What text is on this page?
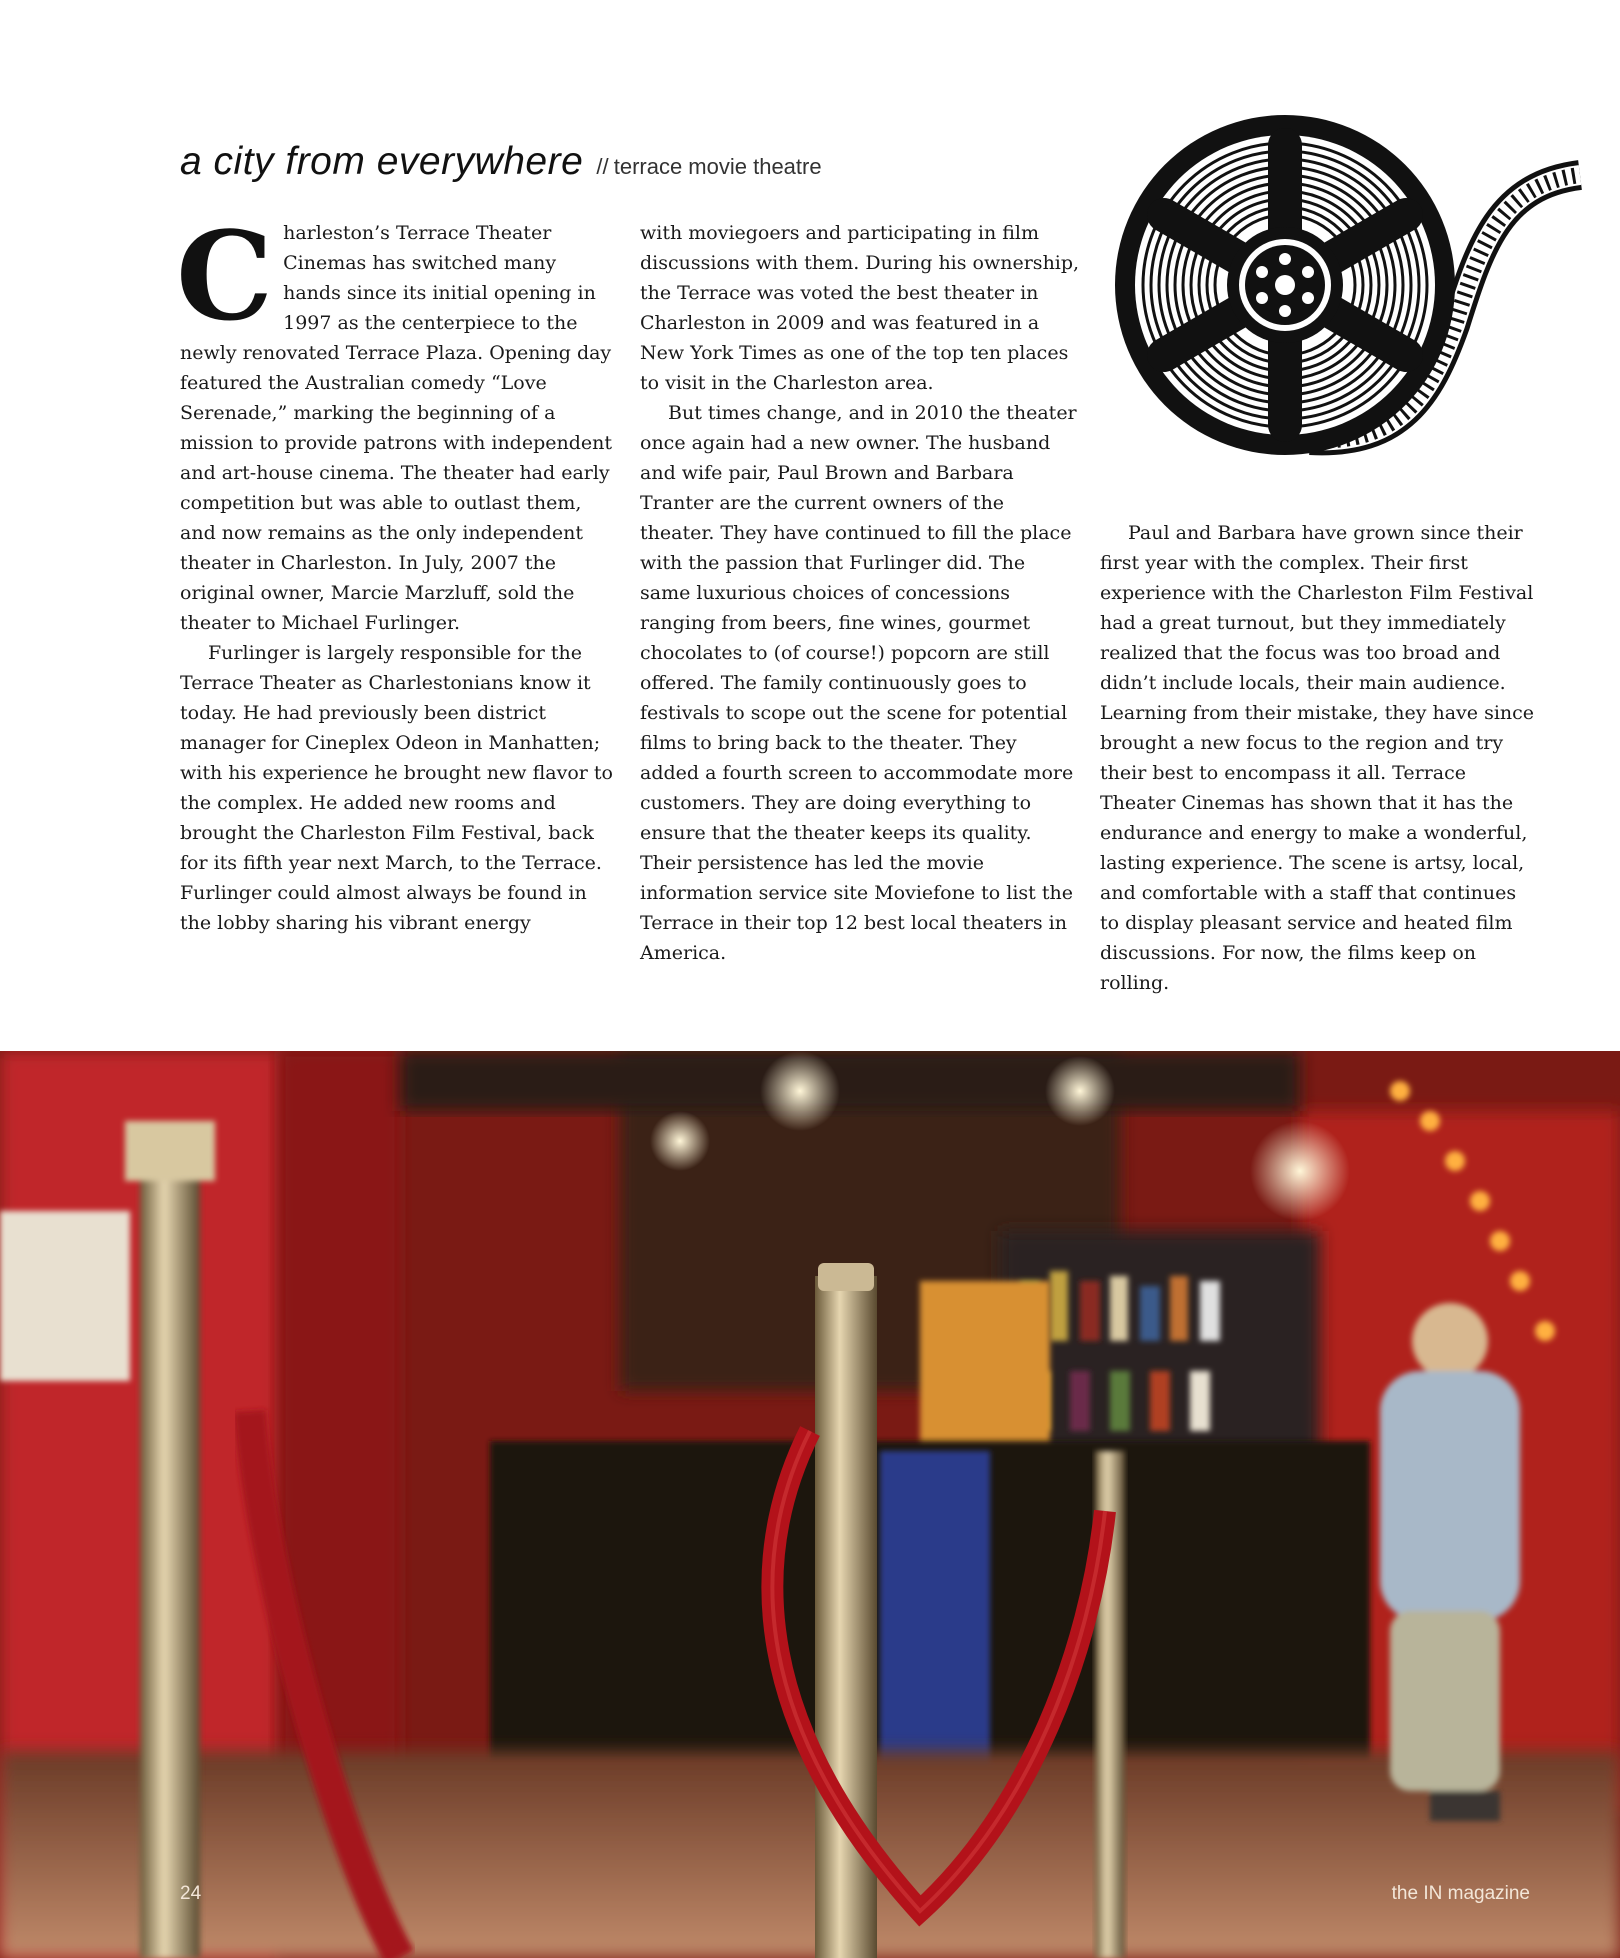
a city from everywhere // terrace movie theatre

Charleston’s Terrace Theater Cinemas has switched many hands since its initial opening in 1997 as the centerpiece to the newly renovated Terrace Plaza. Opening day featured the Australian comedy “Love Serenade,” marking the beginning of a mission to provide patrons with independent and art-house cinema. The theater had early competition but was able to outlast them, and now remains as the only independent theater in Charleston. In July, 2007 the original owner, Marcie Marzluff, sold the theater to Michael Furlinger.

Furlinger is largely responsible for the Terrace Theater as Charlestonians know it today. He had previously been district manager for Cineplex Odeon in Manhatten; with his experience he brought new flavor to the complex. He added new rooms and brought the Charleston Film Festival, back for its fifth year next March, to the Terrace. Furlinger could almost always be found in the lobby sharing his vibrant energy

with moviegoers and participating in film discussions with them. During his ownership, the Terrace was voted the best theater in Charleston in 2009 and was featured in a New York Times as one of the top ten places to visit in the Charleston area.

But times change, and in 2010 the theater once again had a new owner. The husband and wife pair, Paul Brown and Barbara Tranter are the current owners of the theater. They have continued to fill the place with the passion that Furlinger did. The same luxurious choices of concessions ranging from beers, fine wines, gourmet chocolates to (of course!) popcorn are still offered. The family continuously goes to festivals to scope out the scene for potential films to bring back to the theater. They added a fourth screen to accommodate more customers. They are doing everything to ensure that the theater keeps its quality. Their persistence has led the movie information service site Moviefone to list the Terrace in their top 12 best local theaters in America.

Paul and Barbara have grown since their first year with the complex. Their first experience with the Charleston Film Festival had a great turnout, but they immediately realized that the focus was too broad and didn’t include locals, their main audience. Learning from their mistake, they have since brought a new focus to the region and try their best to encompass it all. Terrace Theater Cinemas has shown that it has the endurance and energy to make a wonderful, lasting experience. The scene is artsy, local, and comfortable with a staff that continues to display pleasant service and heated film discussions. For now, the films keep on rolling.

24	the IN magazine
